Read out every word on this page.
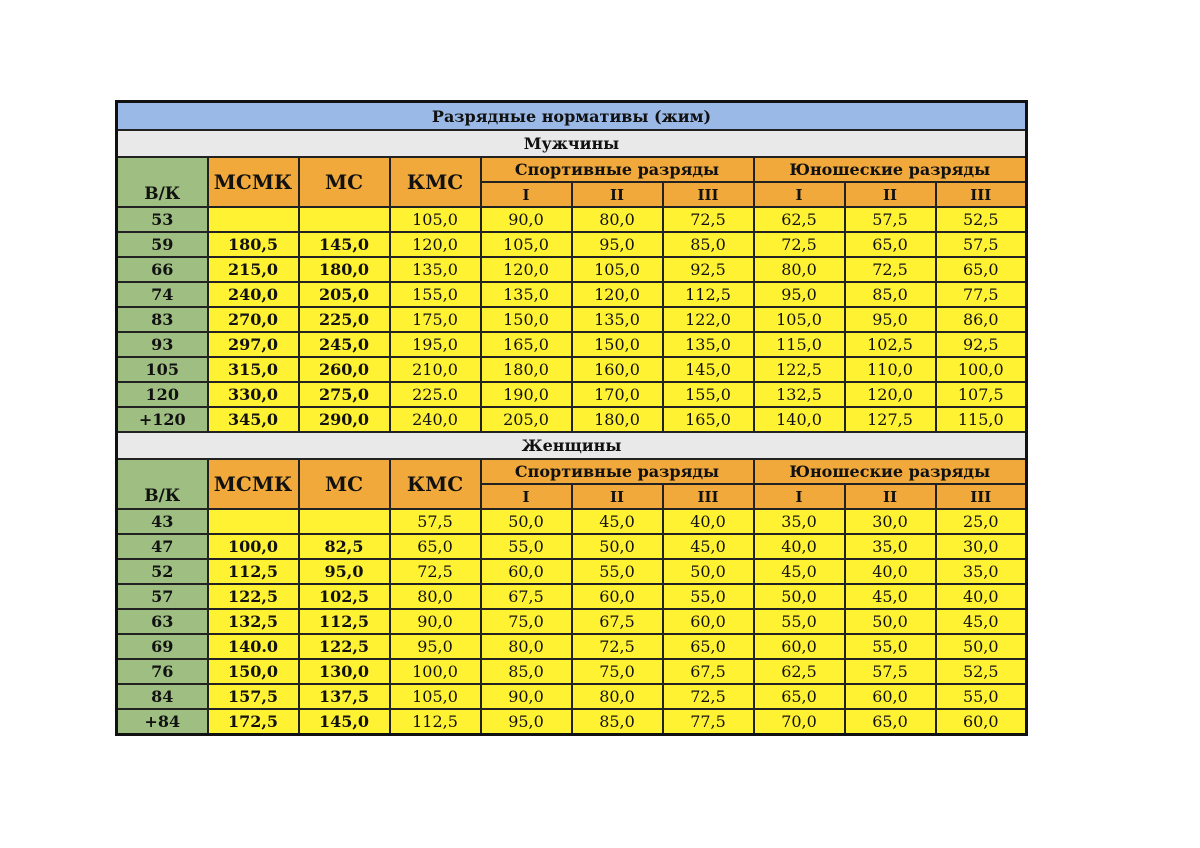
Разрядные нормативы (жим)									
Мужчины									
В/К	МСМК	МС	КМС	Спортивные разряды			Юношеские разряды		
				I	II	III	I	II	III
53			105,0	90,0	80,0	72,5	62,5	57,5	52,5
59	180,5	145,0	120,0	105,0	95,0	85,0	72,5	65,0	57,5
66	215,0	180,0	135,0	120,0	105,0	92,5	80,0	72,5	65,0
74	240,0	205,0	155,0	135,0	120,0	112,5	95,0	85,0	77,5
83	270,0	225,0	175,0	150,0	135,0	122,0	105,0	95,0	86,0
93	297,0	245,0	195,0	165,0	150,0	135,0	115,0	102,5	92,5
105	315,0	260,0	210,0	180,0	160,0	145,0	122,5	110,0	100,0
120	330,0	275,0	225.0	190,0	170,0	155,0	132,5	120,0	107,5
+120	345,0	290,0	240,0	205,0	180,0	165,0	140,0	127,5	115,0
Женщины									
В/К	МСМК	МС	КМС	Спортивные разряды			Юношеские разряды		
				I	II	III	I	II	III
43			57,5	50,0	45,0	40,0	35,0	30,0	25,0
47	100,0	82,5	65,0	55,0	50,0	45,0	40,0	35,0	30,0
52	112,5	95,0	72,5	60,0	55,0	50,0	45,0	40,0	35,0
57	122,5	102,5	80,0	67,5	60,0	55,0	50,0	45,0	40,0
63	132,5	112,5	90,0	75,0	67,5	60,0	55,0	50,0	45,0
69	140.0	122,5	95,0	80,0	72,5	65,0	60,0	55,0	50,0
76	150,0	130,0	100,0	85,0	75,0	67,5	62,5	57,5	52,5
84	157,5	137,5	105,0	90,0	80,0	72,5	65,0	60,0	55,0
+84	172,5	145,0	112,5	95,0	85,0	77,5	70,0	65,0	60,0
